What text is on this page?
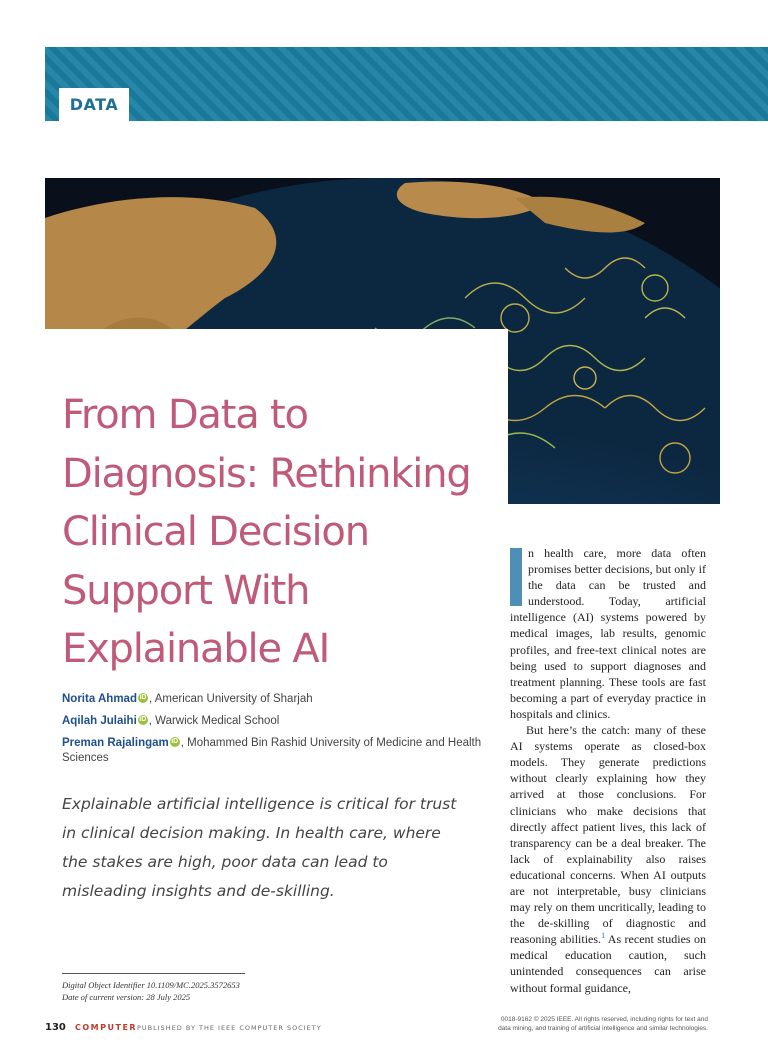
DATA
From Data to Diagnosis: Rethinking Clinical Decision Support With Explainable AI
Norita Ahmad iD , American University of Sharjah
Aqilah Julaihi iD , Warwick Medical School
Preman Rajalingam iD , Mohammed Bin Rashid University of Medicine and Health Sciences

Explainable artificial intelligence is critical for trust in clinical decision making. In health care, where the stakes are high, poor data can lead to misleading insights and de-skilling.

Digital Object Identifier 10.1109/MC.2025.3572653
Date of current version: 28 July 2025

n health care, more data often promises better decisions, but only if the data can be trusted and understood. Today, artificial intelligence (AI) systems powered by medical images, lab results, genomic profiles, and free-text clinical notes are being used to support diagnoses and treatment planning. These tools are fast becoming a part of everyday practice in hospitals and clinics.

But here’s the catch: many of these AI systems operate as closed-box models. They generate predictions without clearly explaining how they arrived at those conclusions. For clinicians who make decisions that directly affect patient lives, this lack of transparency can be a deal breaker. The lack of explainability also raises educational concerns. When AI outputs are not interpretable, busy clinicians may rely on them uncritically, leading to the de-skilling of diagnostic and reasoning abilities.$^1$ As recent studies on medical education caution, such unintended consequences can arise without formal guidance,

130 COMPUTER PUBLISHED BY THE IEEE COMPUTER SOCIETY
0018-9162 © 2025 IEEE. All rights reserved, including rights for text and
data mining, and training of artificial intelligence and similar technologies.
